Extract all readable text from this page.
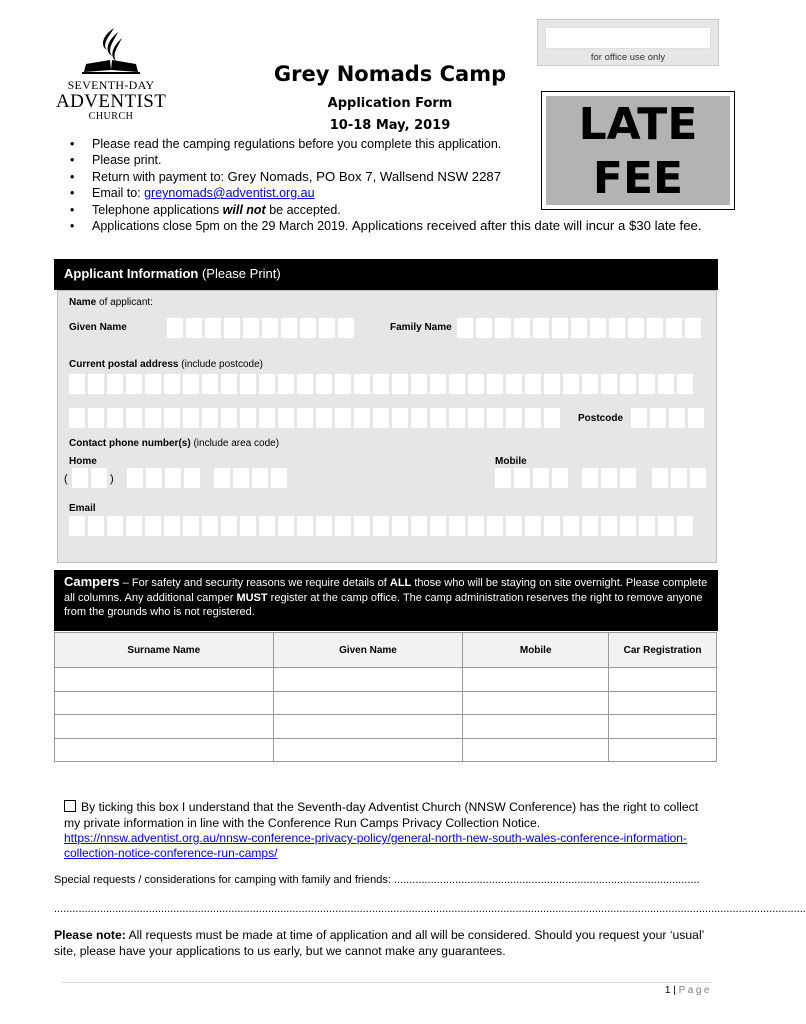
SEVENTH-DAY
ADVENTIST
CHURCH
Grey Nomads Camp
Application Form
10-18 May, 2019
for office use only
LATE
FEE
• Please read the camping regulations before you complete this application.
• Please print.
• Return with payment to: Grey Nomads, PO Box 7, Wallsend NSW 2287
• Email to: greynomads@adventist.org.au
• Telephone applications will not be accepted.
• Applications close 5pm on the 29 March 2019. Applications received after this date will incur a $30 late fee.
Applicant Information (Please Print)
Name of applicant:
Given Name	Family Name
Current postal address (include postcode)
Postcode
Contact phone number(s) (include area code)
Home
(	)
Mobile
Email
Campers – For safety and security reasons we require details of ALL those who will be staying on site overnight. Please complete all columns. Any additional camper MUST register at the camp office. The camp administration reserves the right to remove anyone from the grounds who is not registered.
Surname Name	Given Name	Mobile	Car Registration

By ticking this box I understand that the Seventh-day Adventist Church (NNSW Conference) has the right to collect my private information in line with the Conference Run Camps Privacy Collection Notice.
https://nnsw.adventist.org.au/nnsw-conference-privacy-policy/general-north-new-south-wales-conference-information-collection-notice-conference-run-camps/
Special requests / considerations for camping with family and friends: ....................................................................................................
......................................................................................................................................................................................................................................................
Please note: All requests must be made at time of application and all will be considered. Should you request your ‘usual’ site, please have your applications to us early, but we cannot make any guarantees.
1 | Page
